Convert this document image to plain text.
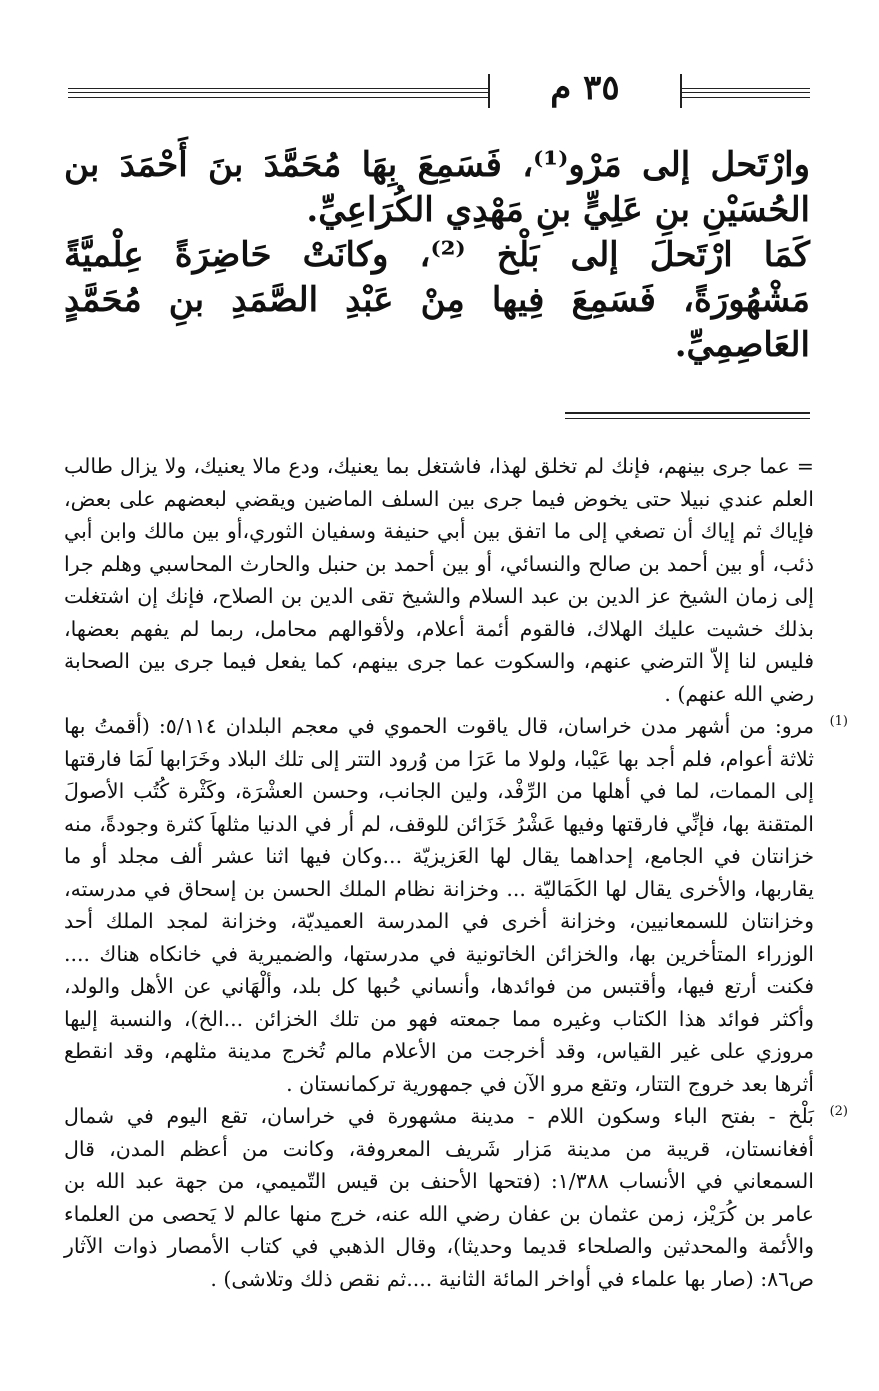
٣٥ م

وارْتَحل إلى مَرْو⁽¹⁾، فَسَمِعَ بِهَا مُحَمَّدَ بنَ أَحْمَدَ بن الحُسَيْنِ بنِ عَلِيٍّ بنِ مَهْدِي الكُرَاعِيِّ.

كَمَا ارْتَحلَ إلى بَلْخ ⁽²⁾، وكانَتْ حَاضِرَةً عِلْميَّةً مَشْهُورَةً، فَسَمِعَ فِيها مِنْ عَبْدِ الصَّمَدِ بنِ مُحَمَّدٍ العَاصِمِيِّ.

= عما جرى بينهم، فإنك لم تخلق لهذا، فاشتغل بما يعنيك، ودع مالا يعنيك، ولا يزال طالب العلم عندي نبيلا حتى يخوض فيما جرى بين السلف الماضين ويقضي لبعضهم على بعض، فإياك ثم إياك أن تصغي إلى ما اتفق بين أبي حنيفة وسفيان الثوري،أو بين مالك وابن أبي ذئب، أو بين أحمد بن صالح والنسائي، أو بين أحمد بن حنبل والحارث المحاسبي وهلم جرا إلى زمان الشيخ عز الدين بن عبد السلام والشيخ تقى الدين بن الصلاح، فإنك إن اشتغلت بذلك خشيت عليك الهلاك، فالقوم أئمة أعلام، ولأقوالهم محامل، ربما لم يفهم بعضها، فليس لنا إلاّ الترضي عنهم، والسكوت عما جرى بينهم، كما يفعل فيما جرى بين الصحابة رضي الله عنهم) .

(1)
مرو: من أشهر مدن خراسان، قال ياقوت الحموي في معجم البلدان ٥/١١٤: (أقمتُ بها ثلاثة أعوام، فلم أجد بها عَيْبا، ولولا ما عَرَا من وُرود التتر إلى تلك البلاد وخَرَابها لَمَا فارقتها إلى الممات، لما في أهلها من الرِّفْد، ولين الجانب، وحسن العشْرَة، وكَثْرة كُتُب الأصولَ المتقنة بها، فإنِّي فارقتها وفيها عَشْرُ خَزَائن للوقف، لم أر في الدنيا مثلهاَ كثرة وجودةً، منه خزانتان في الجامع، إحداهما يقال لها العَزيزيّة ...وكان فيها اثنا عشر ألف مجلد أو ما يقاربها، والأخرى يقال لها الكَمَاليّة ... وخزانة نظام الملك الحسن بن إسحاق في مدرسته، وخزانتان للسمعانيين، وخزانة أخرى في المدرسة العميديّة، وخزانة لمجد الملك أحد الوزراء المتأخرين بها، والخزائن الخاتونية في مدرستها، والضميرية في خانكاه هناك .... فكنت أرتع فيها، وأقتبس من فوائدها، وأنساني حُبها كل بلد، وألْهَاني عن الأهل والولد، وأكثر فوائد هذا الكتاب وغيره مما جمعته فهو من تلك الخزائن ...الخ)، والنسبة إليها مروزي على غير القياس، وقد أخرجت من الأعلام مالم تُخرج مدينة مثلهم، وقد انقطع أثرها بعد خروج التتار، وتقع مرو الآن في جمهورية تركمانستان .
(2)
بَلْخ - بفتح الباء وسكون اللام - مدينة مشهورة في خراسان، تقع اليوم في شمال أفغانستان، قريبة من مدينة مَزار شَريف المعروفة، وكانت من أعظم المدن، قال السمعاني في الأنساب ١/٣٨٨: (فتحها الأحنف بن قيس التّميمي، من جهة عبد الله بن عامر بن كُرَيْز، زمن عثمان بن عفان رضي الله عنه، خرج منها عالم لا يَحصى من العلماء والأئمة والمحدثين والصلحاء قديما وحديثا)، وقال الذهبي في كتاب الأمصار ذوات الآثار ص٨٦: (صار بها علماء في أواخر المائة الثانية ....ثم نقص ذلك وتلاشى) .
